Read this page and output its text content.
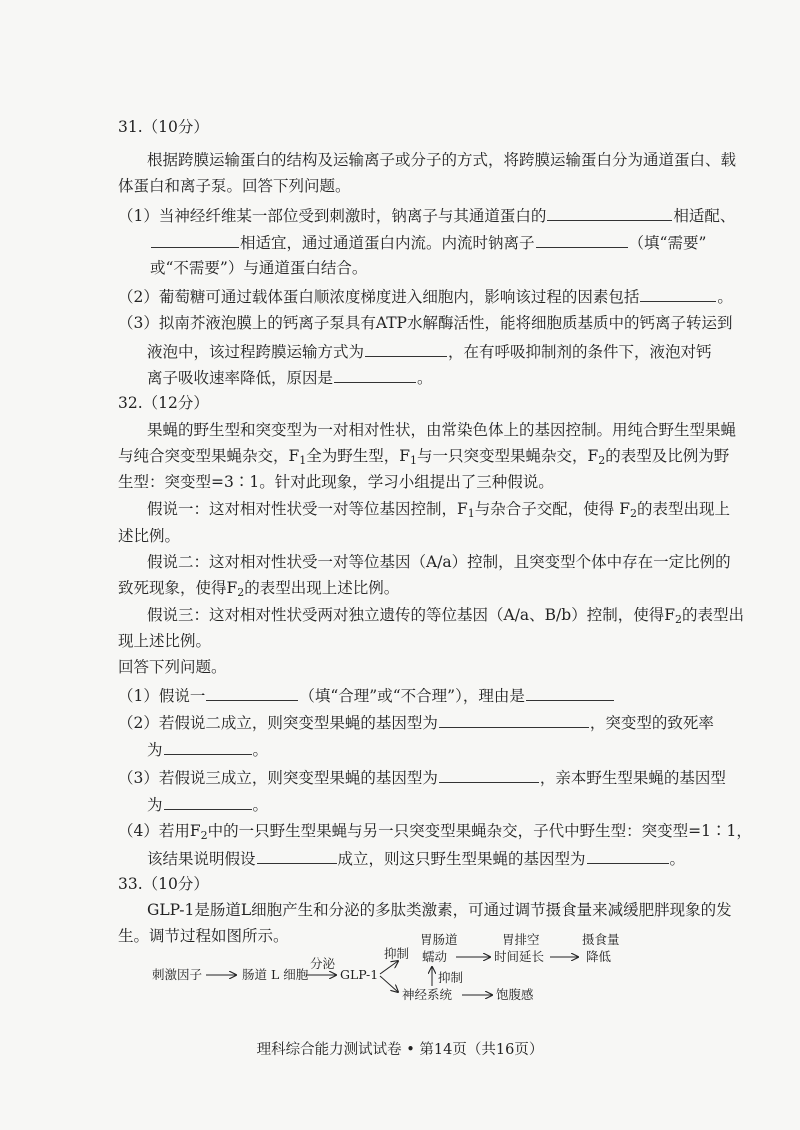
31.（10分）
根据跨膜运输蛋白的结构及运输离子或分子的方式，将跨膜运输蛋白分为通道蛋白、载
体蛋白和离子泵。回答下列问题。
（1）当神经纤维某一部位受到刺激时，钠离子与其通道蛋白的	相适配、
相适宜，通过通道蛋白内流。内流时钠离子	（填“需要”
或“不需要”）与通道蛋白结合。
（2）葡萄糖可通过载体蛋白顺浓度梯度进入细胞内，影响该过程的因素包括	。
（3）拟南芥液泡膜上的钙离子泵具有ATP水解酶活性，能将细胞质基质中的钙离子转运到
液泡中，该过程跨膜运输方式为	，在有呼吸抑制剂的条件下，液泡对钙
离子吸收速率降低，原因是	。
32.（12分）
果蝇的野生型和突变型为一对相对性状，由常染色体上的基因控制。用纯合野生型果蝇
与纯合突变型果蝇杂交，$F_1$全为野生型，$F_1$与一只突变型果蝇杂交，$F_2$的表型及比例为野
生型：突变型=3∶1。针对此现象，学习小组提出了三种假说。
假说一：这对相对性状受一对等位基因控制，$F_1$与杂合子交配，使得 $F_2$的表型出现上
述比例。
假说二：这对相对性状受一对等位基因（A/a）控制，且突变型个体中存在一定比例的
致死现象，使得$F_2$的表型出现上述比例。
假说三：这对相对性状受两对独立遗传的等位基因（A/a、B/b）控制，使得$F_2$的表型出
现上述比例。
回答下列问题。
（1）假说一	（填“合理”或“不合理”），理由是
（2）若假说二成立，则突变型果蝇的基因型为	，突变型的致死率
为	。
（3）若假说三成立，则突变型果蝇的基因型为	，亲本野生型果蝇的基因型
为	。
（4）若用$F_2$中的一只野生型果蝇与另一只突变型果蝇杂交，子代中野生型：突变型=1∶1，
该结果说明假设	成立，则这只野生型果蝇的基因型为	。
33.（10分）
GLP-1是肠道L细胞产生和分泌的多肽类激素，可通过调节摄食量来减缓肥胖现象的发
生。调节过程如图所示。
刺激因子	肠道 L 细胞
分泌
GLP-1
抑制
胃肠道
蠕动
抑制
胃排空
时间延长
摄食量
降低
神经系统	饱腹感
理科综合能力测试试卷 • 第14页（共16页）
